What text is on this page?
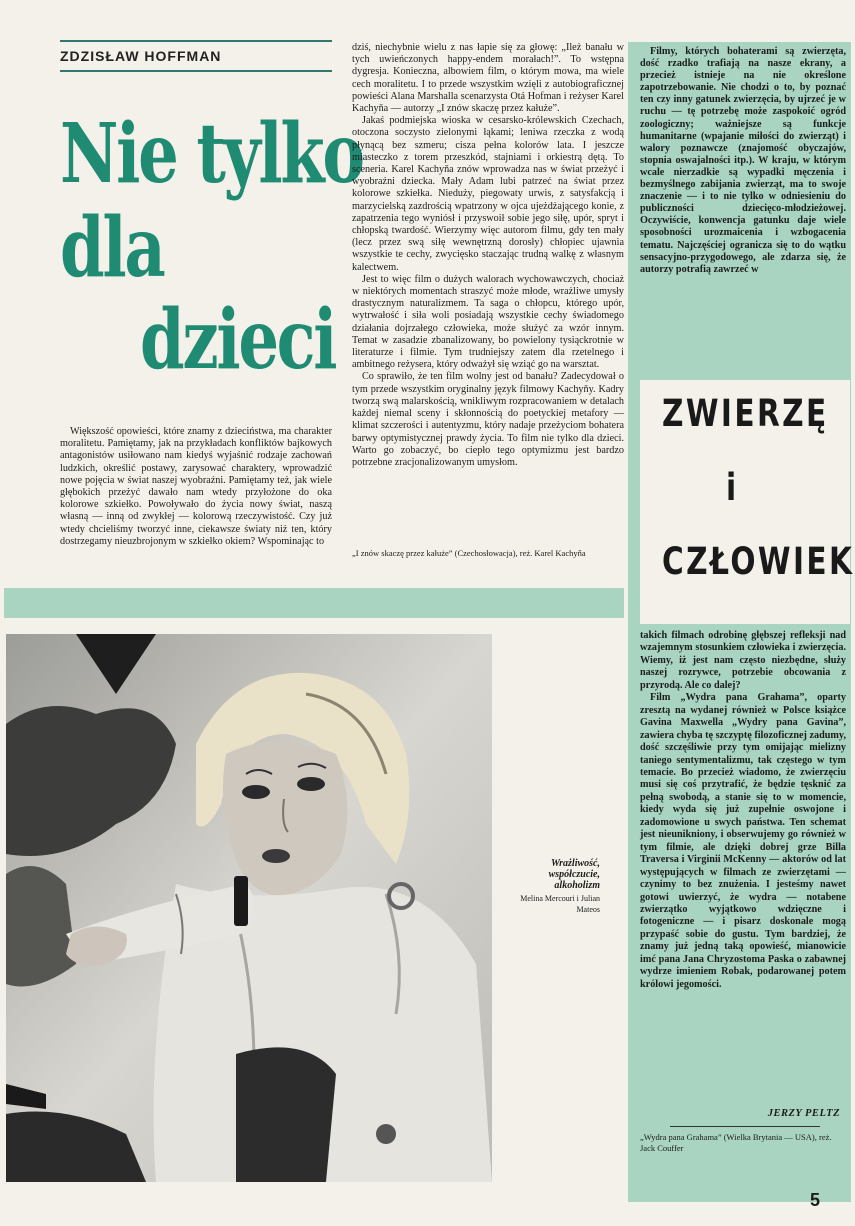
ZDZISŁAW HOFFMAN
Nie tylko
dla
dzieci

Większość opowieści, które znamy z dzieciństwa, ma charakter moralitetu. Pamiętamy, jak na przykładach konfliktów bajkowych antagonistów usiłowano nam kiedyś wyjaśnić rodzaje zachowań ludzkich, określić postawy, zarysować charaktery, wprowadzić nowe pojęcia w świat naszej wyobraźni. Pamiętamy też, jak wiele głębokich przeżyć dawało nam wtedy przyłożone do oka kolorowe szkiełko. Powoływało do życia nowy świat, naszą własną — inną od zwykłej — kolorową rzeczywistość. Czy już wtedy chcieliśmy tworzyć inne, ciekawsze światy niż ten, który dostrzegamy nieuzbrojonym w szkiełko okiem? Wspominając to

dziś, niechybnie wielu z nas łapie się za głowę: „Ileż banału w tych uwieńczonych happy-endem morałach!”. To wstępna dygresja. Konieczna, albowiem film, o którym mowa, ma wiele cech moralitetu. I to przede wszystkim wzięli z autobiograficznej powieści Alana Marshalla scenarzysta Otá Hofman i reżyser Karel Kachyňa — autorzy „I znów skaczę przez kałuże”.

Jakaś podmiejska wioska w cesarsko-królewskich Czechach, otoczona soczysto zielonymi łąkami; leniwa rzeczka z wodą płynącą bez szmeru; cisza pełna kolorów lata. I jeszcze miasteczko z torem przeszkód, stajniami i orkiestrą dętą. To sceneria. Karel Kachyňa znów wprowadza nas w świat przeżyć i wyobraźni dziecka. Mały Adam lubi patrzeć na świat przez kolorowe szkiełka. Nieduży, piegowaty urwis, z satysfakcją i marzycielską zazdrością wpatrzony w ojca ujeżdżającego konie, z zapatrzenia tego wyniósł i przyswoił sobie jego siłę, upór, spryt i chłopską twardość. Wierzymy więc autorom filmu, gdy ten mały (lecz przez swą siłę wewnętrzną dorosły) chłopiec ujawnia wszystkie te cechy, zwycięsko staczając trudną walkę z własnym kalectwem.

Jest to więc film o dużych walorach wychowawczych, chociaż w niektórych momentach straszyć może młode, wrażliwe umysły drastycznym naturalizmem. Ta saga o chłopcu, którego upór, wytrwałość i siła woli posiadają wszystkie cechy świadomego działania dojrzałego człowieka, może służyć za wzór innym. Temat w zasadzie zbanalizowany, bo powielony tysiąckrotnie w literaturze i filmie. Tym trudniejszy zatem dla rzetelnego i ambitnego reżysera, który odważył się wziąć go na warsztat.

Co sprawiło, że ten film wolny jest od banału? Zadecydował o tym przede wszystkim oryginalny język filmowy Kachyňy. Kadry tworzą swą malarskością, wnikliwym rozpracowaniem w detalach każdej niemal sceny i skłonnością do poetyckiej metafory — klimat szczerości i autentyzmu, który nadaje przeżyciom bohatera barwy optymistycznej prawdy życia. To film nie tylko dla dzieci. Warto go zobaczyć, bo ciepło tego optymizmu jest bardzo potrzebne zracjonalizowanym umysłom.

„I znów skaczę przez kałuże” (Czechosłowacja), reż. Karel Kachyňa

Filmy, których bohaterami są zwierzęta, dość rzadko trafiają na nasze ekrany, a przecież istnieje na nie określone zapotrzebowanie. Nie chodzi o to, by poznać ten czy inny gatunek zwierzęcia, by ujrzeć je w ruchu — tę potrzebę może zaspokoić ogród zoologiczny; ważniejsze są funkcje humanitarne (wpajanie miłości do zwierząt) i walory poznawcze (znajomość obyczajów, stopnia oswajalności itp.). W kraju, w którym wcale nierzadkie są wypadki męczenia i bezmyślnego zabijania zwierząt, ma to swoje znaczenie — i to nie tylko w odniesieniu do publiczności dziecięco-młodzieżowej. Oczywiście, konwencja gatunku daje wiele sposobności urozmaicenia i wzbogacenia tematu. Najczęściej ogranicza się to do wątku sensacyjno-przygodowego, ale zdarza się, że autorzy potrafią zawrzeć w

ZWIERZĘ
i
CZŁOWIEK

takich filmach odrobinę głębszej refleksji nad wzajemnym stosunkiem człowieka i zwierzęcia. Wiemy, iż jest nam często niezbędne, służy naszej rozrywce, potrzebie obcowania z przyrodą. Ale co dalej?

Film „Wydra pana Grahama”, oparty zresztą na wydanej również w Polsce książce Gavina Maxwella „Wydry pana Gavina”, zawiera chyba tę szczyptę filozoficznej zadumy, dość szczęśliwie przy tym omijając mielizny taniego sentymentalizmu, tak częstego w tym temacie. Bo przecież wiadomo, że zwierzęciu musi się coś przytrafić, że będzie tęsknić za pełną swobodą, a stanie się to w momencie, kiedy wyda się już zupełnie oswojone i zadomowione u swych państwa. Ten schemat jest nieunikniony, i obserwujemy go również w tym filmie, ale dzięki dobrej grze Billa Traversa i Virginii McKenny — aktorów od lat występujących w filmach ze zwierzętami — czynimy to bez znużenia. I jesteśmy nawet gotowi uwierzyć, że wydra — notabene zwierzątko wyjątkowo wdzięczne i fotogeniczne — i pisarz doskonale mogą przypaść sobie do gustu. Tym bardziej, że znamy już jedną taką opowieść, mianowicie imć pana Jana Chryzostoma Paska o zabawnej wydrze imieniem Robak, podarowanej potem królowi jegomości.

JERZY PELTZ
„Wydra pana Grahama” (Wielka Brytania — USA), reż. Jack Couffer
Wrażliwość, współczucie, alkoholizm
Melina Mercouri i Julian Mateos
5
